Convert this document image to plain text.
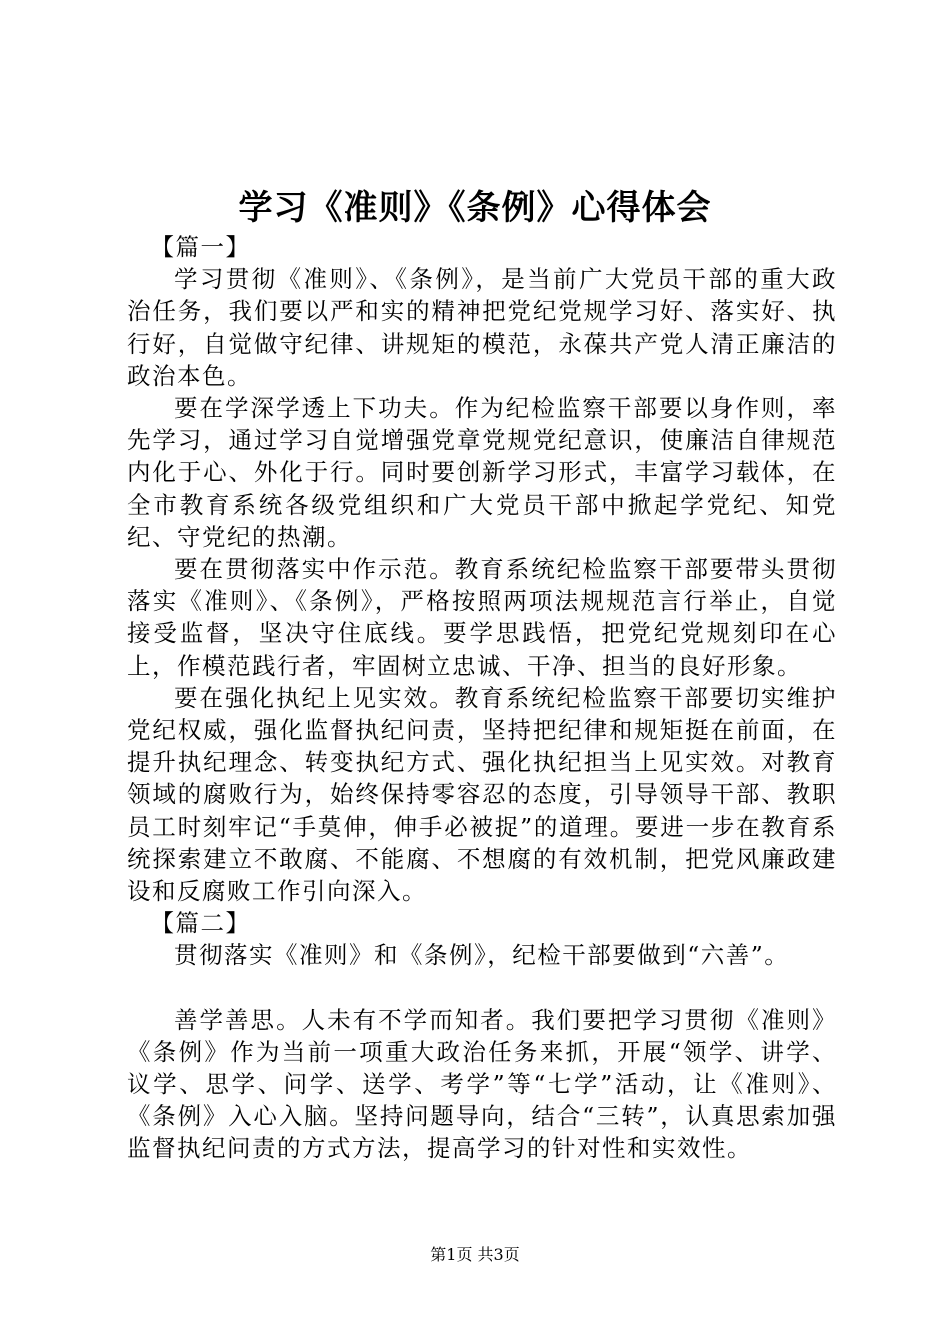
学习《准则》《条例》心得体会

【篇一】

学习贯彻《准则》、《条例》，是当前广大党员干部的重大政治任务，我们要以严和实的精神把党纪党规学习好、落实好、执行好，自觉做守纪律、讲规矩的模范，永葆共产党人清正廉洁的政治本色。

要在学深学透上下功夫。作为纪检监察干部要以身作则，率先学习，通过学习自觉增强党章党规党纪意识，使廉洁自律规范内化于心、外化于行。同时要创新学习形式，丰富学习载体，在全市教育系统各级党组织和广大党员干部中掀起学党纪、知党纪、守党纪的热潮。

要在贯彻落实中作示范。教育系统纪检监察干部要带头贯彻落实《准则》、《条例》，严格按照两项法规规范言行举止，自觉接受监督，坚决守住底线。要学思践悟，把党纪党规刻印在心上，作模范践行者，牢固树立忠诚、干净、担当的良好形象。

要在强化执纪上见实效。教育系统纪检监察干部要切实维护党纪权威，强化监督执纪问责，坚持把纪律和规矩挺在前面，在提升执纪理念、转变执纪方式、强化执纪担当上见实效。对教育领域的腐败行为，始终保持零容忍的态度，引导领导干部、教职员工时刻牢记“手莫伸，伸手必被捉”的道理。要进一步在教育系统探索建立不敢腐、不能腐、不想腐的有效机制，把党风廉政建设和反腐败工作引向深入。

【篇二】

贯彻落实《准则》和《条例》，纪检干部要做到“六善”。

善学善思。人未有不学而知者。我们要把学习贯彻《准则》《条例》作为当前一项重大政治任务来抓，开展“领学、讲学、议学、思学、问学、送学、考学”等“七学”活动，让《准则》、《条例》入心入脑。坚持问题导向，结合“三转”，认真思索加强监督执纪问责的方式方法，提高学习的针对性和实效性。

第1页 共3页
